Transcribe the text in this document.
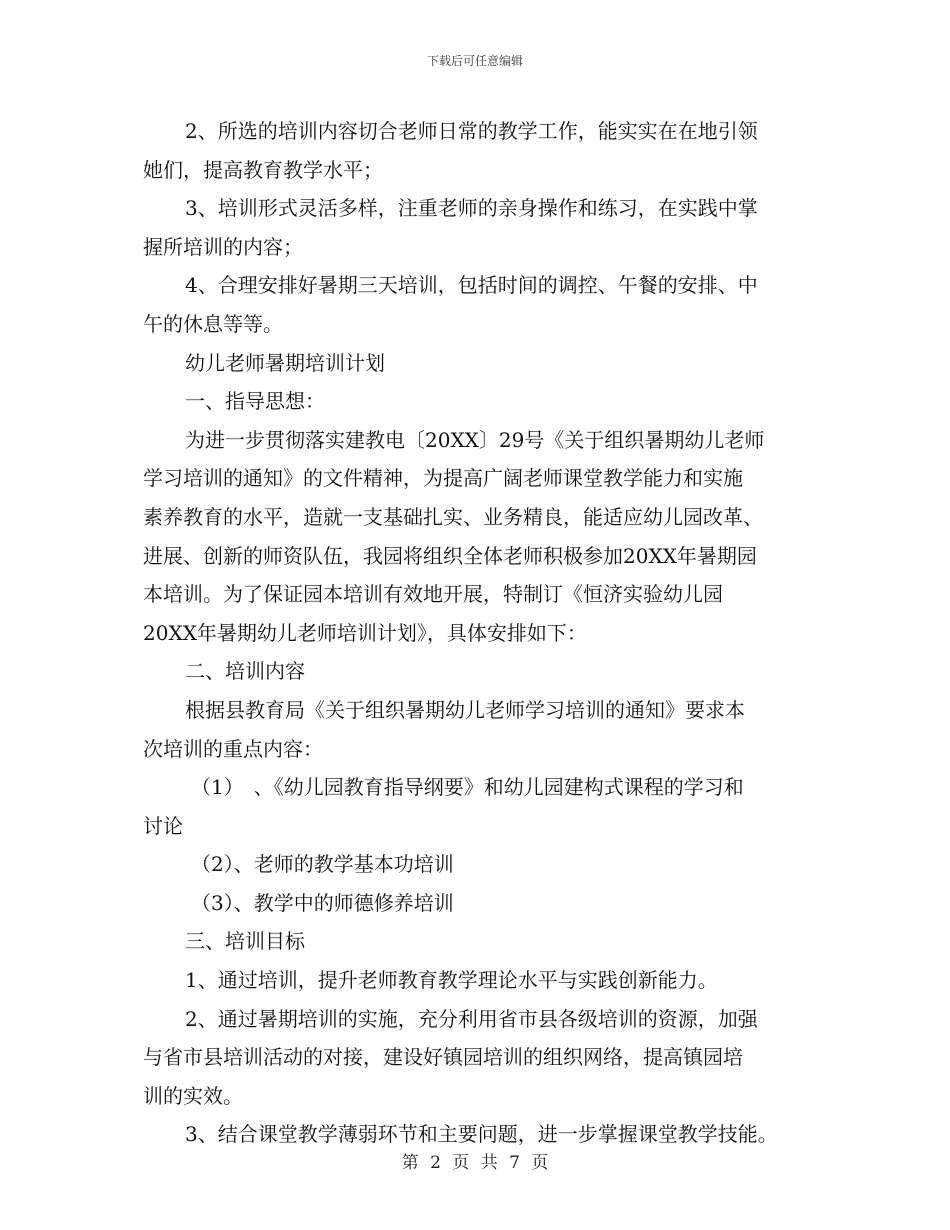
下载后可任意编辑
2、所选的培训内容切合老师日常的教学工作，能实实在在地引领
她们，提高教育教学水平；
3、培训形式灵活多样，注重老师的亲身操作和练习，在实践中掌
握所培训的内容；
4、合理安排好暑期三天培训，包括时间的调控、午餐的安排、中
午的休息等等。
幼儿老师暑期培训计划
一、指导思想：
为进一步贯彻落实建教电〔20XX〕29号《关于组织暑期幼儿老师
学习培训的通知》的文件精神，为提高广阔老师课堂教学能力和实施
素养教育的水平，造就一支基础扎实、业务精良，能适应幼儿园改革、
进展、创新的师资队伍，我园将组织全体老师积极参加20XX年暑期园
本培训。为了保证园本培训有效地开展，特制订《恒济实验幼儿园
20XX年暑期幼儿老师培训计划》，具体安排如下：
二、培训内容
根据县教育局《关于组织暑期幼儿老师学习培训的通知》要求本
次培训的重点内容：
（1）　、《幼儿园教育指导纲要》和幼儿园建构式课程的学习和
讨论
（2）、老师的教学基本功培训
（3）、教学中的师德修养培训
三、培训目标
1、通过培训，提升老师教育教学理论水平与实践创新能力。
2、通过暑期培训的实施，充分利用省市县各级培训的资源，加强
与省市县培训活动的对接，建设好镇园培训的组织网络，提高镇园培
训的实效。
3、结合课堂教学薄弱环节和主要问题，进一步掌握课堂教学技能。
第 2 页 共 7 页
